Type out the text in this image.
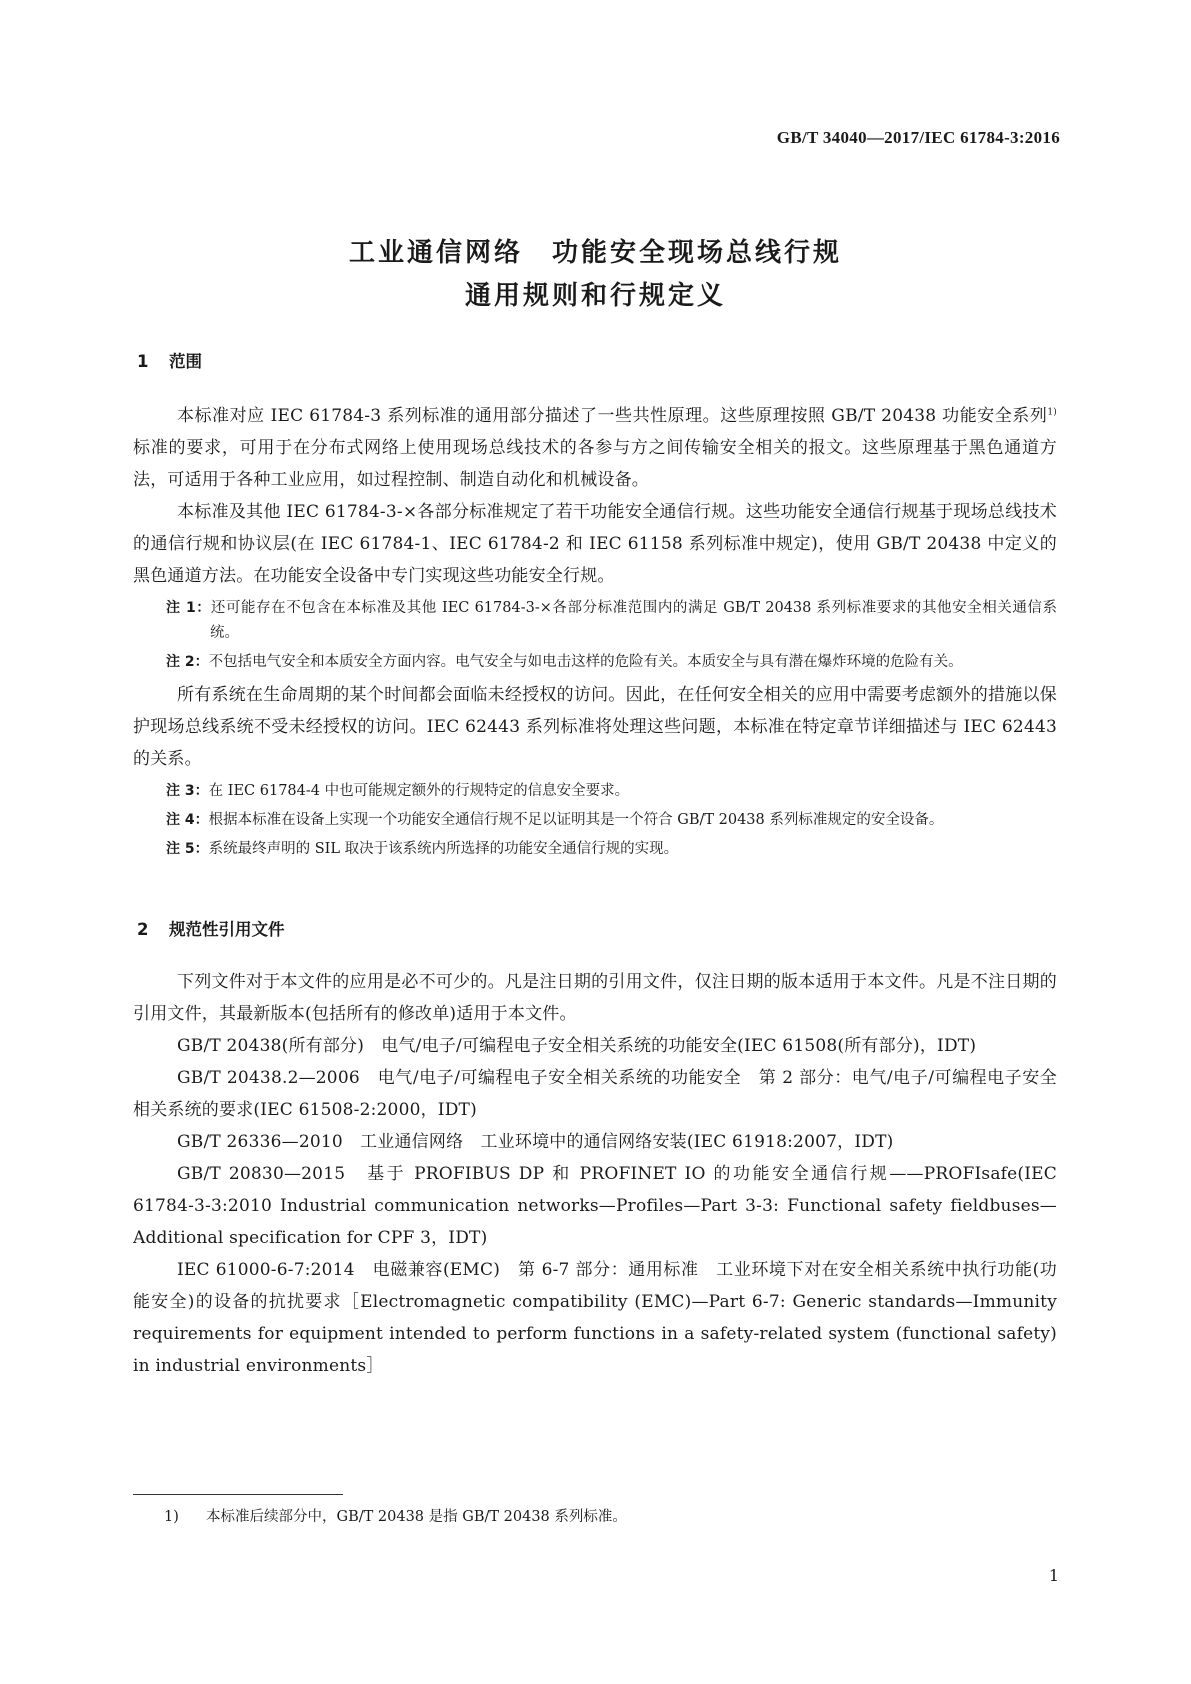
GB/T 34040—2017/IEC 61784-3:2016
工业通信网络　功能安全现场总线行规
通用规则和行规定义
1 范围

本标准对应 IEC 61784-3 系列标准的通用部分描述了一些共性原理。这些原理按照 GB/T 20438 功能安全系列$^{1)}$标准的要求，可用于在分布式网络上使用现场总线技术的各参与方之间传输安全相关的报文。这些原理基于黑色通道方法，可适用于各种工业应用，如过程控制、制造自动化和机械设备。

本标准及其他 IEC 61784-3-×各部分标准规定了若干功能安全通信行规。这些功能安全通信行规基于现场总线技术的通信行规和协议层(在 IEC 61784-1、IEC 61784-2 和 IEC 61158 系列标准中规定)，使用 GB/T 20438 中定义的黑色通道方法。在功能安全设备中专门实现这些功能安全行规。

注 1：还可能存在不包含在本标准及其他 IEC 61784-3-×各部分标准范围内的满足 GB/T 20438 系列标准要求的其他安全相关通信系统。

注 2：不包括电气安全和本质安全方面内容。电气安全与如电击这样的危险有关。本质安全与具有潜在爆炸环境的危险有关。

所有系统在生命周期的某个时间都会面临未经授权的访问。因此，在任何安全相关的应用中需要考虑额外的措施以保护现场总线系统不受未经授权的访问。IEC 62443 系列标准将处理这些问题，本标准在特定章节详细描述与 IEC 62443 的关系。

注 3：在 IEC 61784-4 中也可能规定额外的行规特定的信息安全要求。

注 4：根据本标准在设备上实现一个功能安全通信行规不足以证明其是一个符合 GB/T 20438 系列标准规定的安全设备。

注 5：系统最终声明的 SIL 取决于该系统内所选择的功能安全通信行规的实现。

2 规范性引用文件

下列文件对于本文件的应用是必不可少的。凡是注日期的引用文件，仅注日期的版本适用于本文件。凡是不注日期的引用文件，其最新版本(包括所有的修改单)适用于本文件。

GB/T 20438(所有部分)　电气/电子/可编程电子安全相关系统的功能安全(IEC 61508(所有部分)，IDT)

GB/T 20438.2—2006　电气/电子/可编程电子安全相关系统的功能安全　第 2 部分：电气/电子/可编程电子安全相关系统的要求(IEC 61508-2:2000，IDT)

GB/T 26336—2010　工业通信网络　工业环境中的通信网络安装(IEC 61918:2007，IDT)

GB/T 20830—2015　基于 PROFIBUS DP 和 PROFINET IO 的功能安全通信行规——PROFIsafe(IEC 61784-3-3:2010 Industrial communication networks—Profiles—Part 3-3: Functional safety fieldbuses—Additional specification for CPF 3，IDT)

IEC 61000-6-7:2014　电磁兼容(EMC)　第 6-7 部分：通用标准　工业环境下对在安全相关系统中执行功能(功能安全)的设备的抗扰要求［Electromagnetic compatibility (EMC)—Part 6-7: Generic standards—Immunity requirements for equipment intended to perform functions in a safety-related system (functional safety) in industrial environments］

1) 本标准后续部分中，GB/T 20438 是指 GB/T 20438 系列标准。
1
